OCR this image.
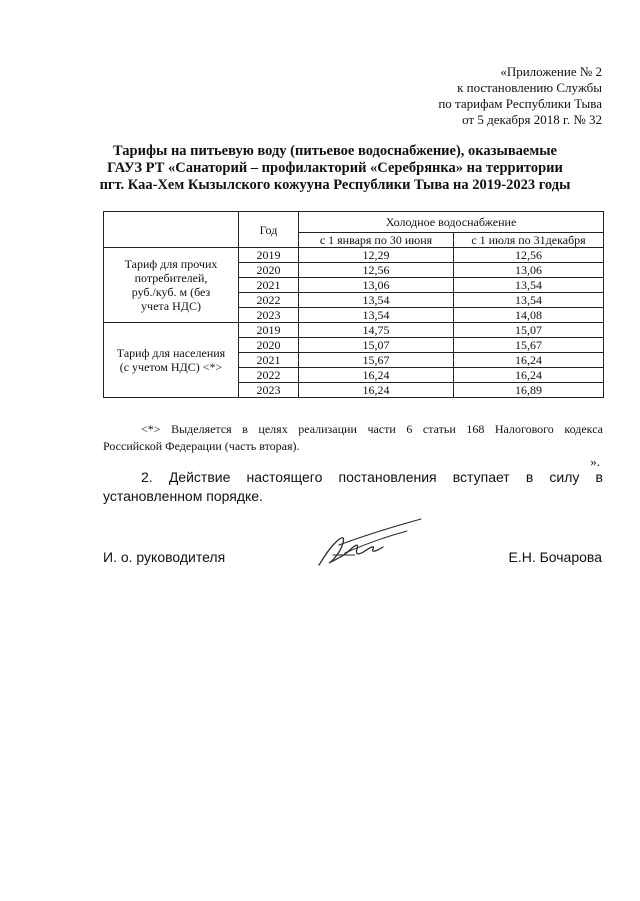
«Приложение № 2
к постановлению Службы
по тарифам Республики Тыва
от 5 декабря 2018 г. № 32
Тарифы на питьевую воду (питьевое водоснабжение), оказываемые
ГАУЗ РТ «Санаторий – профилакторий «Серебрянка» на территории
пгт. Каа-Хем Кызылского кожууна Республики Тыва на 2019-2023 годы
	Год	Холодное водоснабжение	
		с 1 января по 30 июня	с 1 июля по 31декабря
Тариф для прочих
потребителей,
руб./куб. м (без
учета НДС)	2019	12,29	12,56
	2020	12,56	13,06
	2021	13,06	13,54
	2022	13,54	13,54
	2023	13,54	14,08
Тариф для населения
(с учетом НДС) <*>	2019	14,75	15,07
	2020	15,07	15,67
	2021	15,67	16,24
	2022	16,24	16,24
	2023	16,24	16,89
<*> Выделяется в целях реализации части 6 статьи 168 Налогового кодекса
Российской Федерации (часть вторая).
».
2. Действие настоящего постановления вступает в силу в
установленном порядке.
И. о. руководителя	Е.Н. Бочарова
